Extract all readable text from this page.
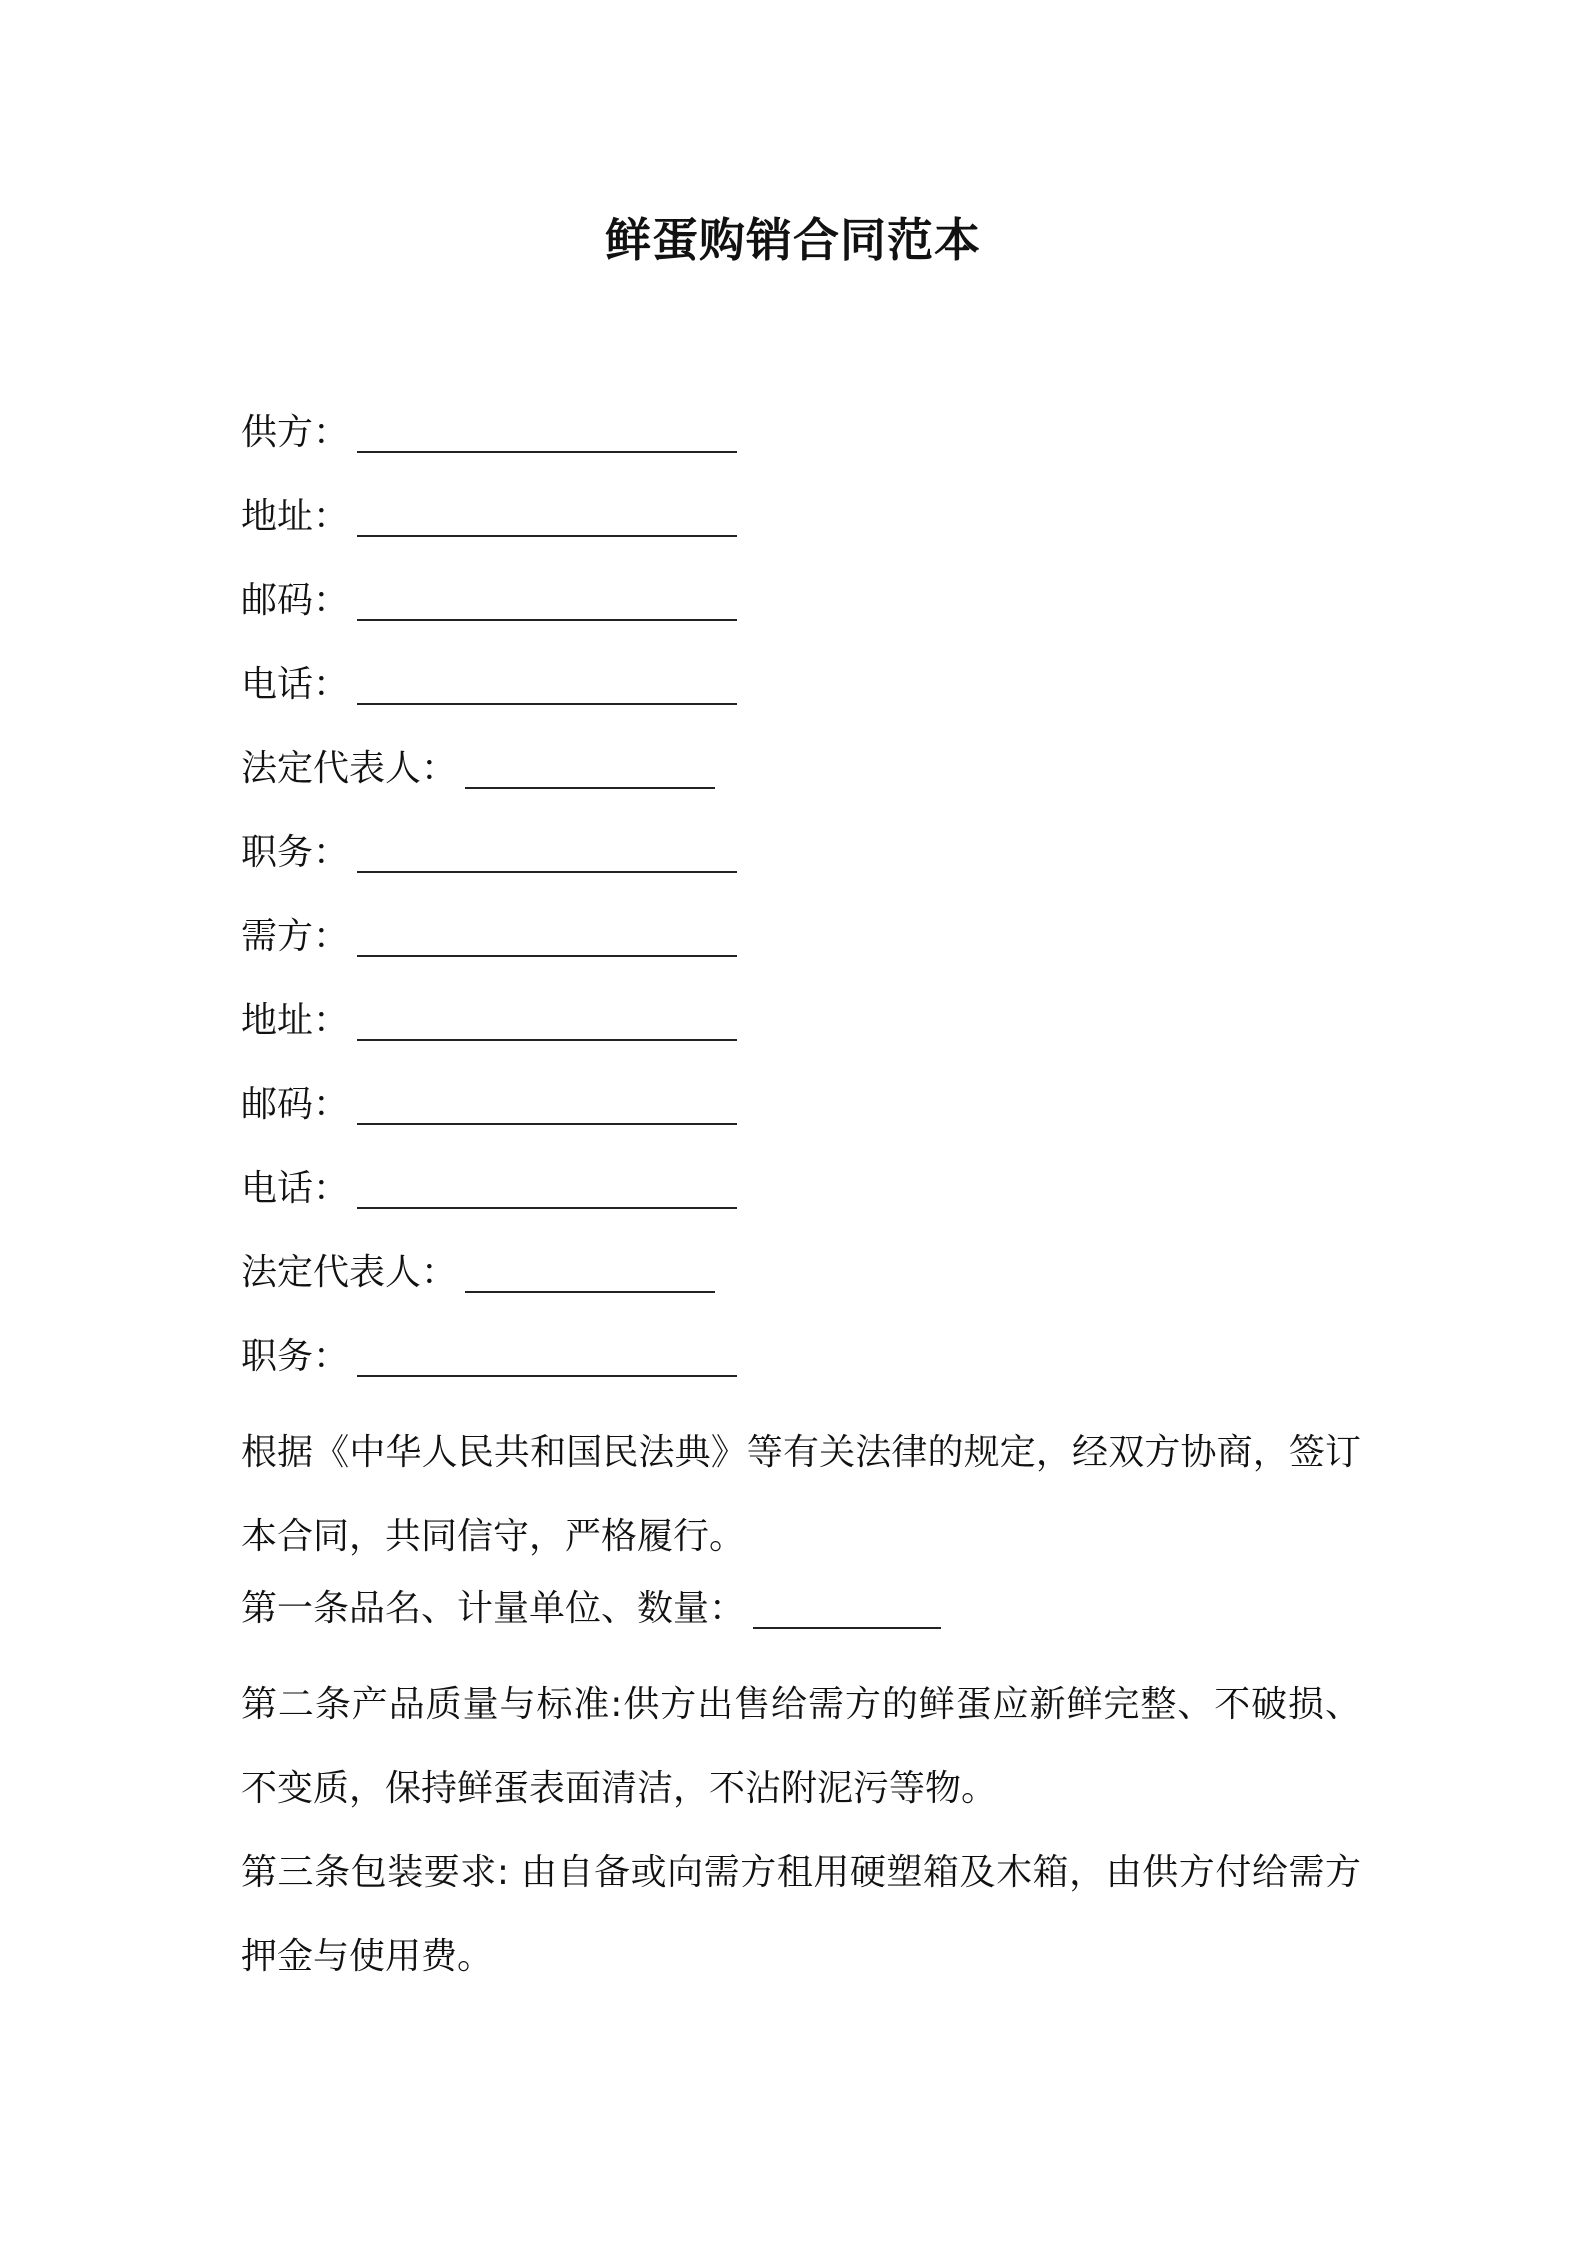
鲜蛋购销合同范本
供方：
地址：
邮码：
电话：
法定代表人：
职务：
需方：
地址：
邮码：
电话：
法定代表人：
职务：

根据《中华人民共和国民法典》等有关法律的规定，经双方协商，签订本合同，共同信守，严格履行。

第一条品名、计量单位、数量：

第二条产品质量与标准:供方出售给需方的鲜蛋应新鲜完整、不破损、不变质，保持鲜蛋表面清洁，不沾附泥污等物。

第三条包装要求: 由自备或向需方租用硬塑箱及木箱，由供方付给需方押金与使用费。
